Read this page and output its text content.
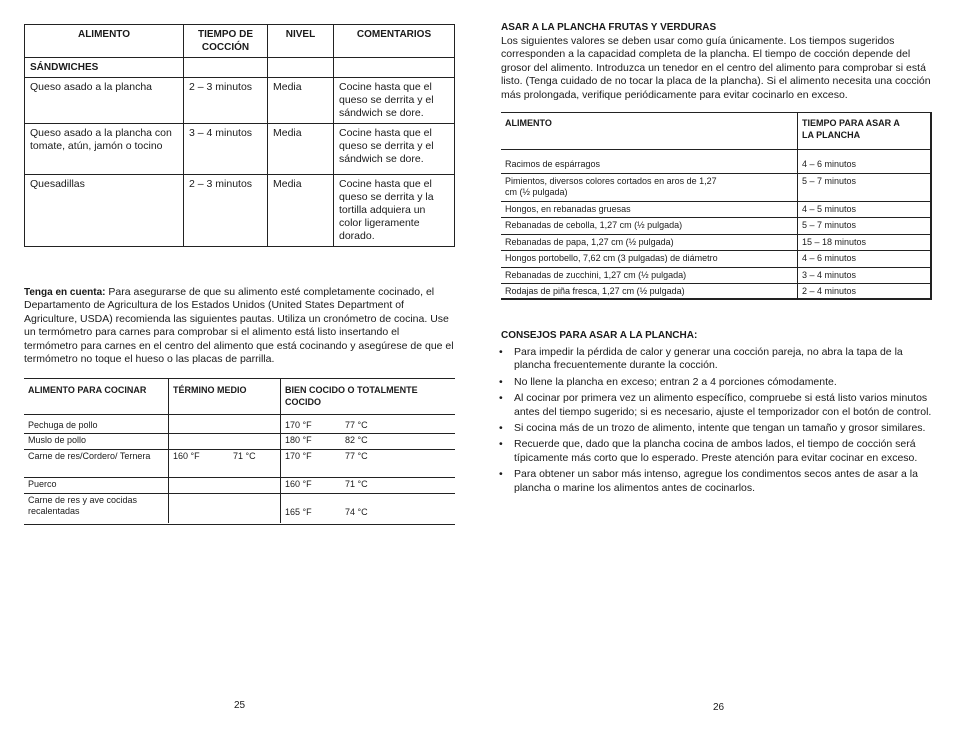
ALIMENTO	TIEMPO DE COCCIÓN	NIVEL	COMENTARIOS
SÁNDWICHES			
Queso asado a la plancha	2 – 3 minutos	Media	Cocine hasta que el queso se derrita y el sándwich se dore.
Queso asado a la plancha con tomate, atún, jamón o tocino	3 – 4 minutos	Media	Cocine hasta que el queso se derrita y el sándwich se dore.
Quesadillas	2 – 3 minutos	Media	Cocine hasta que el queso se derrita y la tortilla adquiera un color ligeramente dorado.
Tenga en cuenta: Para asegurarse de que su alimento esté completamente cocinado, el Departamento de Agricultura de los Estados Unidos (United States Department of Agriculture, USDA) recomienda las siguientes pautas. Utiliza un cronómetro de cocina. Use un termómetro para carnes para comprobar si el alimento está listo insertando el termómetro para carnes en el centro del alimento que está cocinando y asegúrese de que el termómetro no toque el hueso o las placas de parrilla.
ALIMENTO PARA COCINAR	TÉRMINO MEDIO	BIEN COCIDO O TOTALMENTE COCIDO
Pechuga de pollo		170 °F 77 °C
Muslo de pollo		180 °F 82 °C
Carne de res/Cordero/ Ternera	160 °F 71 °C	170 °F 77 °C
Puerco		160 °F 71 °C
Carne de res y ave cocidas recalentadas		165 °F 74 °C
25
ASAR A LA PLANCHA FRUTAS Y VERDURAS
Los siguientes valores se deben usar como guía únicamente. Los tiempos sugeridos corresponden a la capacidad completa de la plancha. El tiempo de cocción depende del grosor del alimento. Introduzca un tenedor en el centro del alimento para comprobar si está listo. (Tenga cuidado de no tocar la placa de la plancha). Si el alimento necesita una cocción más prolongada, verifique periódicamente para evitar cocinarlo en exceso.
ALIMENTO	TIEMPO PARA ASAR A LA PLANCHA

Racimos de espárragos	4 – 6 minutos

Pimientos, diversos colores cortados en aros de 1,27 cm (½ pulgada)	5 – 7 minutos
Hongos, en rebanadas gruesas	4 – 5 minutos
Rebanadas de cebolla, 1,27 cm (½ pulgada)	5 – 7 minutos
Rebanadas de papa, 1,27 cm (½ pulgada)	15 – 18 minutos
Hongos portobello, 7,62 cm (3 pulgadas) de diámetro	4 – 6 minutos
Rebanadas de zucchini, 1,27 cm (½ pulgada)	3 – 4 minutos
Rodajas de piña fresca, 1,27 cm (½ pulgada)	2 – 4 minutos
CONSEJOS PARA ASAR A LA PLANCHA:
• Para impedir la pérdida de calor y generar una cocción pareja, no abra la tapa de la plancha frecuentemente durante la cocción.
• No llene la plancha en exceso; entran 2 a 4 porciones cómodamente.
• Al cocinar por primera vez un alimento específico, compruebe si está listo varios minutos antes del tiempo sugerido; si es necesario, ajuste el temporizador con el botón de control.
• Si cocina más de un trozo de alimento, intente que tengan un tamaño y grosor similares.
• Recuerde que, dado que la plancha cocina de ambos lados, el tiempo de cocción será típicamente más corto que lo esperado. Preste atención para evitar cocinar en exceso.
• Para obtener un sabor más intenso, agregue los condimentos secos antes de asar a la plancha o marine los alimentos antes de cocinarlos.
26
